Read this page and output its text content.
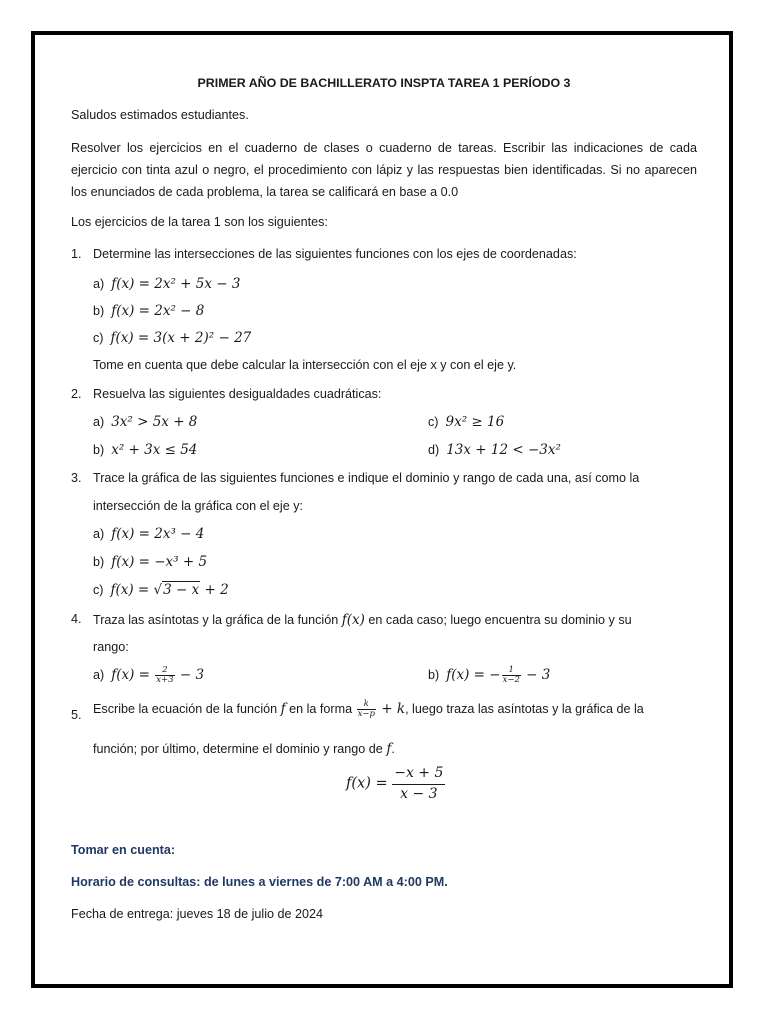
PRIMER AÑO DE BACHILLERATO INSPTA TAREA 1 PERÍODO 3
Saludos estimados estudiantes.
Resolver los ejercicios en el cuaderno de clases o cuaderno de tareas. Escribir las indicaciones de cada ejercicio con tinta azul o negro, el procedimiento con lápiz y las respuestas bien identificadas. Si no aparecen los enunciados de cada problema, la tarea se calificará en base a 0.0
Los ejercicios de la tarea 1 son los siguientes:
1. Determine las intersecciones de las siguientes funciones con los ejes de coordenadas:
a) f(x) = 2x² + 5x − 3
b) f(x) = 2x² − 8
c) f(x) = 3(x + 2)² − 27
Tome en cuenta que debe calcular la intersección con el eje x y con el eje y.
2. Resuelva las siguientes desigualdades cuadráticas:
a) 3x² > 5x + 8	c) 9x² ≥ 16
b) x² + 3x ≤ 54	d) 13x + 12 < −3x²
3. Trace la gráfica de las siguientes funciones e indique el dominio y rango de cada una, así como la
intersección de la gráfica con el eje y:
a) f(x) = 2x³ − 4
b) f(x) = −x³ + 5
c) f(x) = √3 − x + 2
4. Traza las asíntotas y la gráfica de la función f(x) en cada caso; luego encuentra su dominio y su
rango:
a) $f(x) = \frac{2}{x+3} - 3$	b) f(x) = − $\frac{1}{x-2} - 3$
5. Escribe la ecuación de la función f en la forma $\frac{k}{x-p} + k$, luego traza las asíntotas y la gráfica de la
función; por último, determine el dominio y rango de f.
$f(x) = \frac{-x + 5}{x - 3}$
Tomar en cuenta:
Horario de consultas: de lunes a viernes de 7:00 AM a 4:00 PM.
Fecha de entrega: jueves 18 de julio de 2024
